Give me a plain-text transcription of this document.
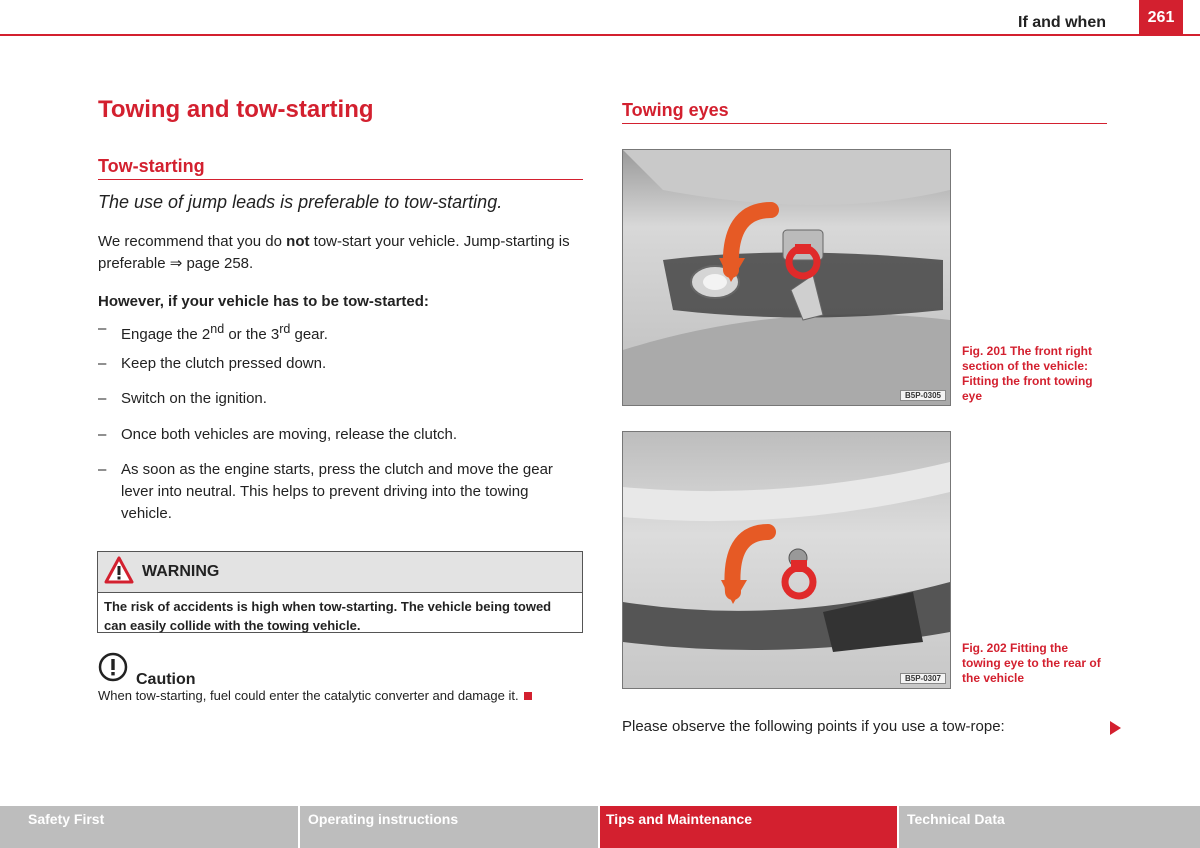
If and when	261
Towing and tow-starting
Tow-starting
The use of jump leads is preferable to tow-starting.
We recommend that you do not tow-start your vehicle. Jump-starting is preferable ⇒ page 258.
However, if your vehicle has to be tow-started:
– Engage the 2nd or the 3rd gear.
– Keep the clutch pressed down.
– Switch on the ignition.
– Once both vehicles are moving, release the clutch.
– As soon as the engine starts, press the clutch and move the gear lever into neutral. This helps to prevent driving into the towing vehicle.
WARNING
The risk of accidents is high when tow-starting. The vehicle being towed can easily collide with the towing vehicle.
Caution
When tow-starting, fuel could enter the catalytic converter and damage it.
Towing eyes
B5P-0305
Fig. 201 The front right section of the vehicle: Fitting the front towing eye
B5P-0307
Fig. 202 Fitting the towing eye to the rear of the vehicle
Please observe the following points if you use a tow-rope:
Safety First	Operating instructions	Tips and Maintenance	Technical Data
